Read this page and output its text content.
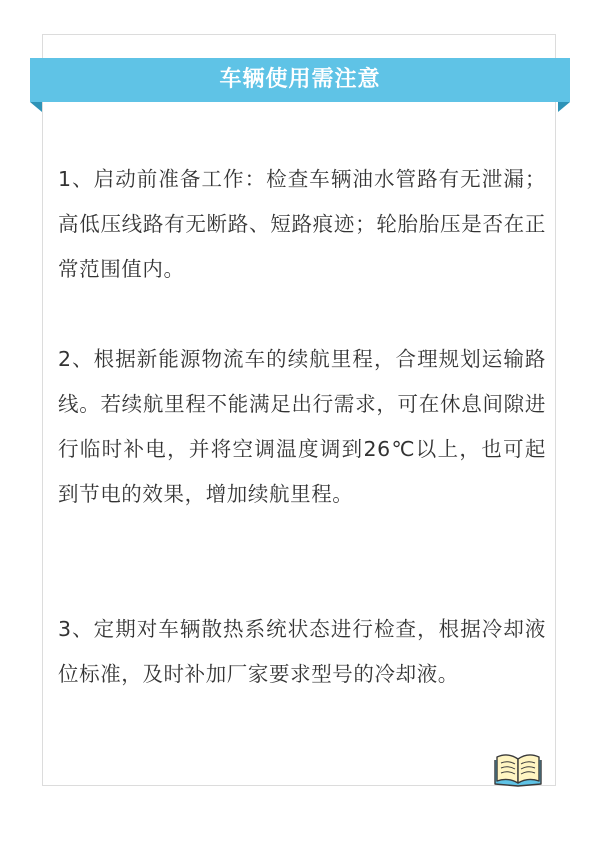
车辆使用需注意

1、启动前准备工作：检查车辆油水管路有无泄漏；高低压线路有无断路、短路痕迹；轮胎胎压是否在正常范围值内。

2、根据新能源物流车的续航里程，合理规划运输路线。若续航里程不能满足出行需求，可在休息间隙进行临时补电，并将空调温度调到26℃以上，也可起到节电的效果，增加续航里程。

3、定期对车辆散热系统状态进行检查，根据冷却液位标准，及时补加厂家要求型号的冷却液。
